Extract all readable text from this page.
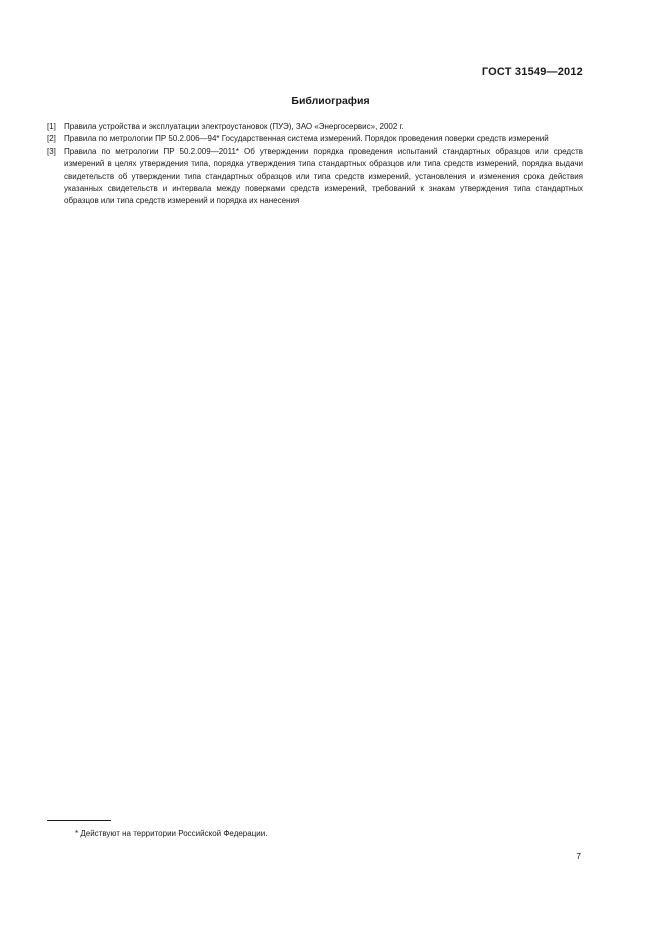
ГОСТ 31549—2012
Библиография
[1] Правила устройства и эксплуатации электроустановок (ПУЭ), ЗАО «Энергосервис», 2002 г.
[2] Правила по метрологии ПР 50.2.006—94* Государственная система измерений. Порядок проведения поверки средств измерений
[3] Правила по метрологии ПР 50.2.009—2011* Об утверждении порядка проведения испытаний стандартных образцов или средств измерений в целях утверждения типа, порядка утверждения типа стандартных образцов или типа средств измерений, порядка выдачи свидетельств об утверждении типа стандартных образцов или типа средств измерений, установления и изменения срока действия указанных свидетельств и интервала между поверками средств измерений, требований к знакам утверждения типа стандартных образцов или типа средств измерений и порядка их нанесения
* Действуют на территории Российской Федерации.
7
